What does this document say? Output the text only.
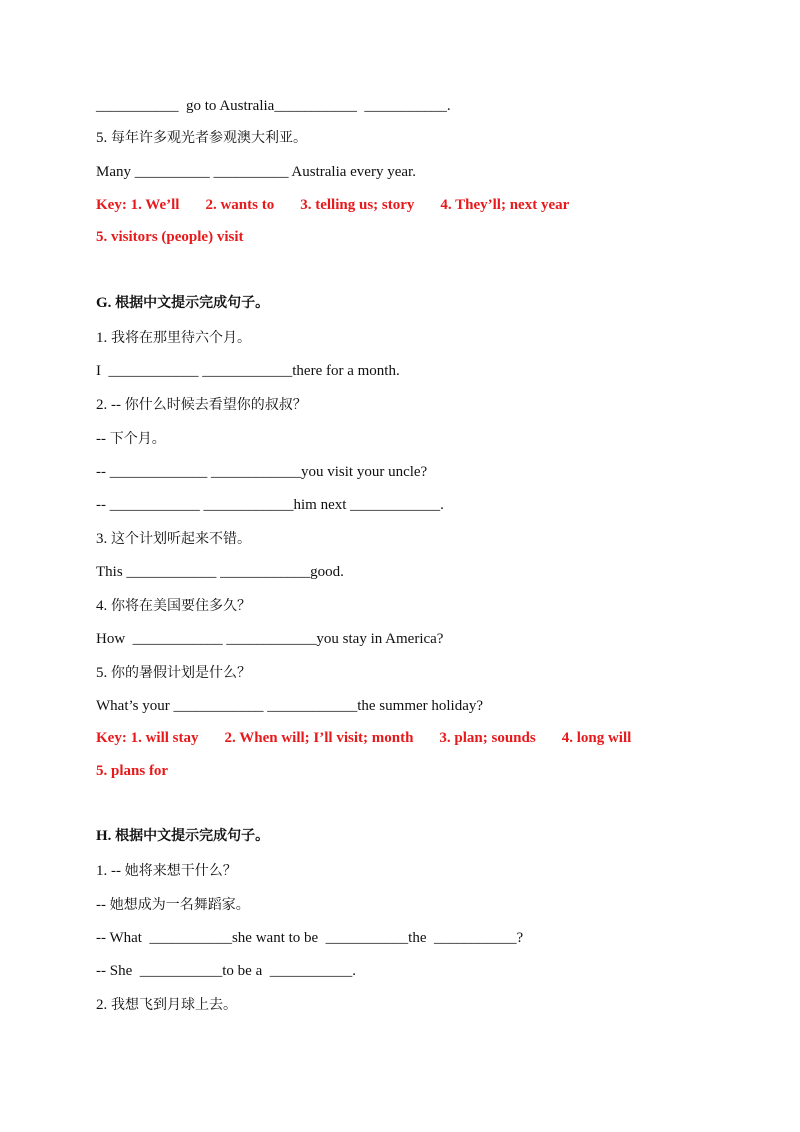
___________  go to Australia___________  ___________.
5. 每年许多观光者参观澳大利亚。
Many __________ __________ Australia every year.
Key: 1. We’ll 2. wants to 3. telling us; story 4. They’ll; next year
5. visitors (people) visit
G. 根据中文提示完成句子。
1. 我将在那里待六个月。
I  ____________ ____________there for a month.
2. -- 你什么时候去看望你的叔叔？
-- 下个月。
-- _____________ ____________you visit your uncle?
-- ____________ ____________him next ____________.
3. 这个计划听起来不错。
This ____________ ____________good.
4. 你将在美国要住多久？
How  ____________ ____________you stay in America?
5. 你的暑假计划是什么？
What’s your ____________ ____________the summer holiday?
Key: 1. will stay 2. When will; I’ll visit; month 3. plan; sounds 4. long will
5. plans for
H. 根据中文提示完成句子。
1. -- 她将来想干什么？
-- 她想成为一名舞蹈家。
-- What  ___________she want to be  ___________the  ___________?
-- She  ___________to be a  ___________.
2. 我想飞到月球上去。
